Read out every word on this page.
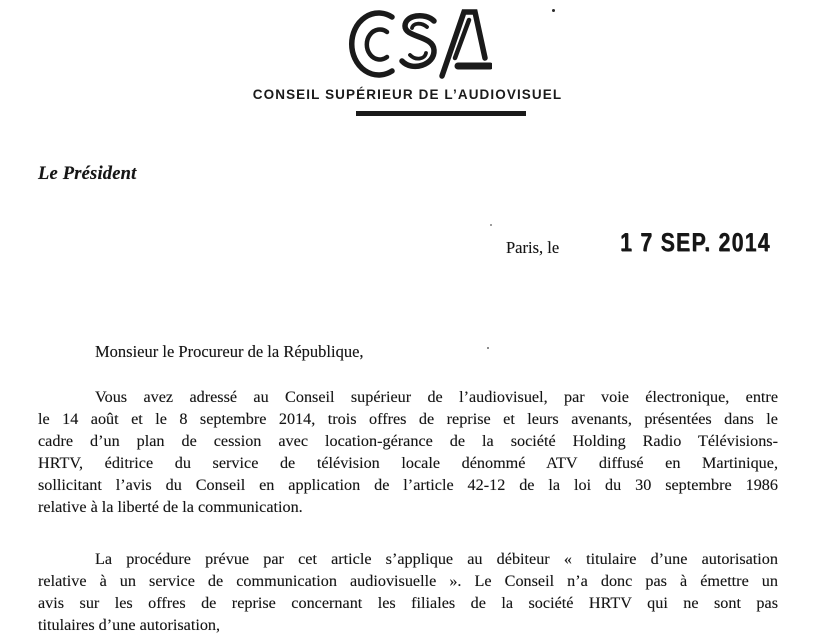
CONSEIL SUPÉRIEUR DE L’AUDIOVISUEL
Le Président
Paris, le 1 7 SEP. 2014
Monsieur le Procureur de la République,
Vous avez adressé au Conseil supérieur de l’audiovisuel, par voie électronique, entre
le 14 août et le 8 septembre 2014, trois offres de reprise et leurs avenants, présentées dans le
cadre d’un plan de cession avec location-gérance de la société Holding Radio Télévisions-
HRTV, éditrice du service de télévision locale dénommé ATV diffusé en Martinique,
sollicitant l’avis du Conseil en application de l’article 42-12 de la loi du 30 septembre 1986
relative à la liberté de la communication.
La procédure prévue par cet article s’applique au débiteur « titulaire d’une autorisation
relative à un service de communication audiovisuelle ». Le Conseil n’a donc pas à émettre un
avis sur les offres de reprise concernant les filiales de la société HRTV qui ne sont pas
titulaires d’une autorisation,
